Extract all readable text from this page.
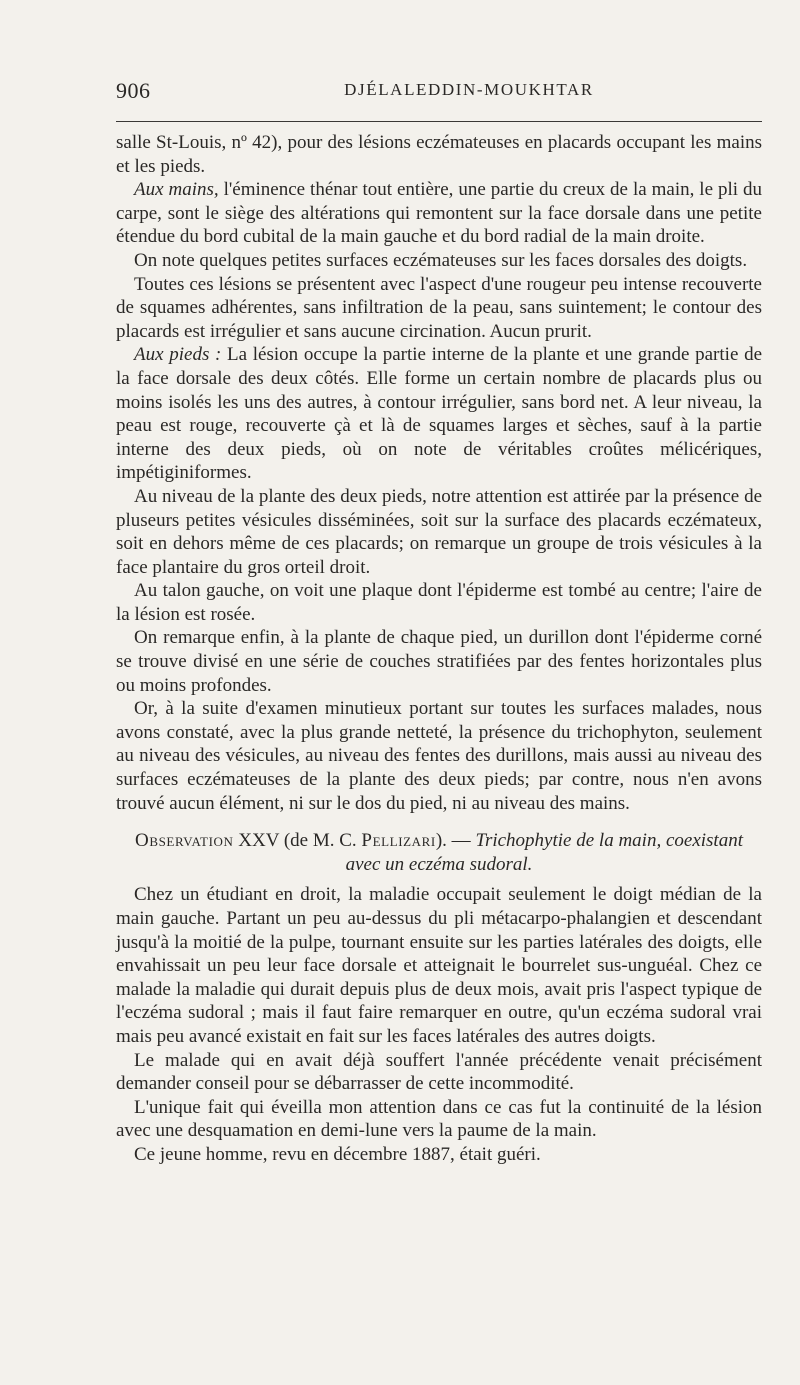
906	DJÉLALEDDIN-MOUKHTAR

salle St-Louis, nº 42), pour des lésions eczémateuses en placards occupant les mains et les pieds.

Aux mains, l'éminence thénar tout entière, une partie du creux de la main, le pli du carpe, sont le siège des altérations qui remontent sur la face dorsale dans une petite étendue du bord cubital de la main gauche et du bord radial de la main droite.

On note quelques petites surfaces eczémateuses sur les faces dorsales des doigts.

Toutes ces lésions se présentent avec l'aspect d'une rougeur peu intense recouverte de squames adhérentes, sans infiltration de la peau, sans suintement; le contour des placards est irrégulier et sans aucune circination. Aucun prurit.

Aux pieds : La lésion occupe la partie interne de la plante et une grande partie de la face dorsale des deux côtés. Elle forme un certain nombre de placards plus ou moins isolés les uns des autres, à contour irrégulier, sans bord net. A leur niveau, la peau est rouge, recouverte çà et là de squames larges et sèches, sauf à la partie interne des deux pieds, où on note de véritables croûtes mélicériques, impétiginiformes.

Au niveau de la plante des deux pieds, notre attention est attirée par la présence de pluseurs petites vésicules disséminées, soit sur la surface des placards eczémateux, soit en dehors même de ces placards; on remarque un groupe de trois vésicules à la face plantaire du gros orteil droit.

Au talon gauche, on voit une plaque dont l'épiderme est tombé au centre; l'aire de la lésion est rosée.

On remarque enfin, à la plante de chaque pied, un durillon dont l'épiderme corné se trouve divisé en une série de couches stratifiées par des fentes horizontales plus ou moins profondes.

Or, à la suite d'examen minutieux portant sur toutes les surfaces malades, nous avons constaté, avec la plus grande netteté, la présence du trichophyton, seulement au niveau des vésicules, au niveau des fentes des durillons, mais aussi au niveau des surfaces eczémateuses de la plante des deux pieds; par contre, nous n'en avons trouvé aucun élément, ni sur le dos du pied, ni au niveau des mains.

Observation XXV (de M. C. Pellizari). — Trichophytie de la main, coexistant avec un eczéma sudoral.

Chez un étudiant en droit, la maladie occupait seulement le doigt médian de la main gauche. Partant un peu au-dessus du pli métacarpo-phalangien et descendant jusqu'à la moitié de la pulpe, tournant ensuite sur les parties latérales des doigts, elle envahissait un peu leur face dorsale et atteignait le bourrelet sus-unguéal. Chez ce malade la maladie qui durait depuis plus de deux mois, avait pris l'aspect typique de l'eczéma sudoral ; mais il faut faire remarquer en outre, qu'un eczéma sudoral vrai mais peu avancé existait en fait sur les faces latérales des autres doigts.

Le malade qui en avait déjà souffert l'année précédente venait précisément demander conseil pour se débarrasser de cette incommodité.

L'unique fait qui éveilla mon attention dans ce cas fut la continuité de la lésion avec une desquamation en demi-lune vers la paume de la main.

Ce jeune homme, revu en décembre 1887, était guéri.
